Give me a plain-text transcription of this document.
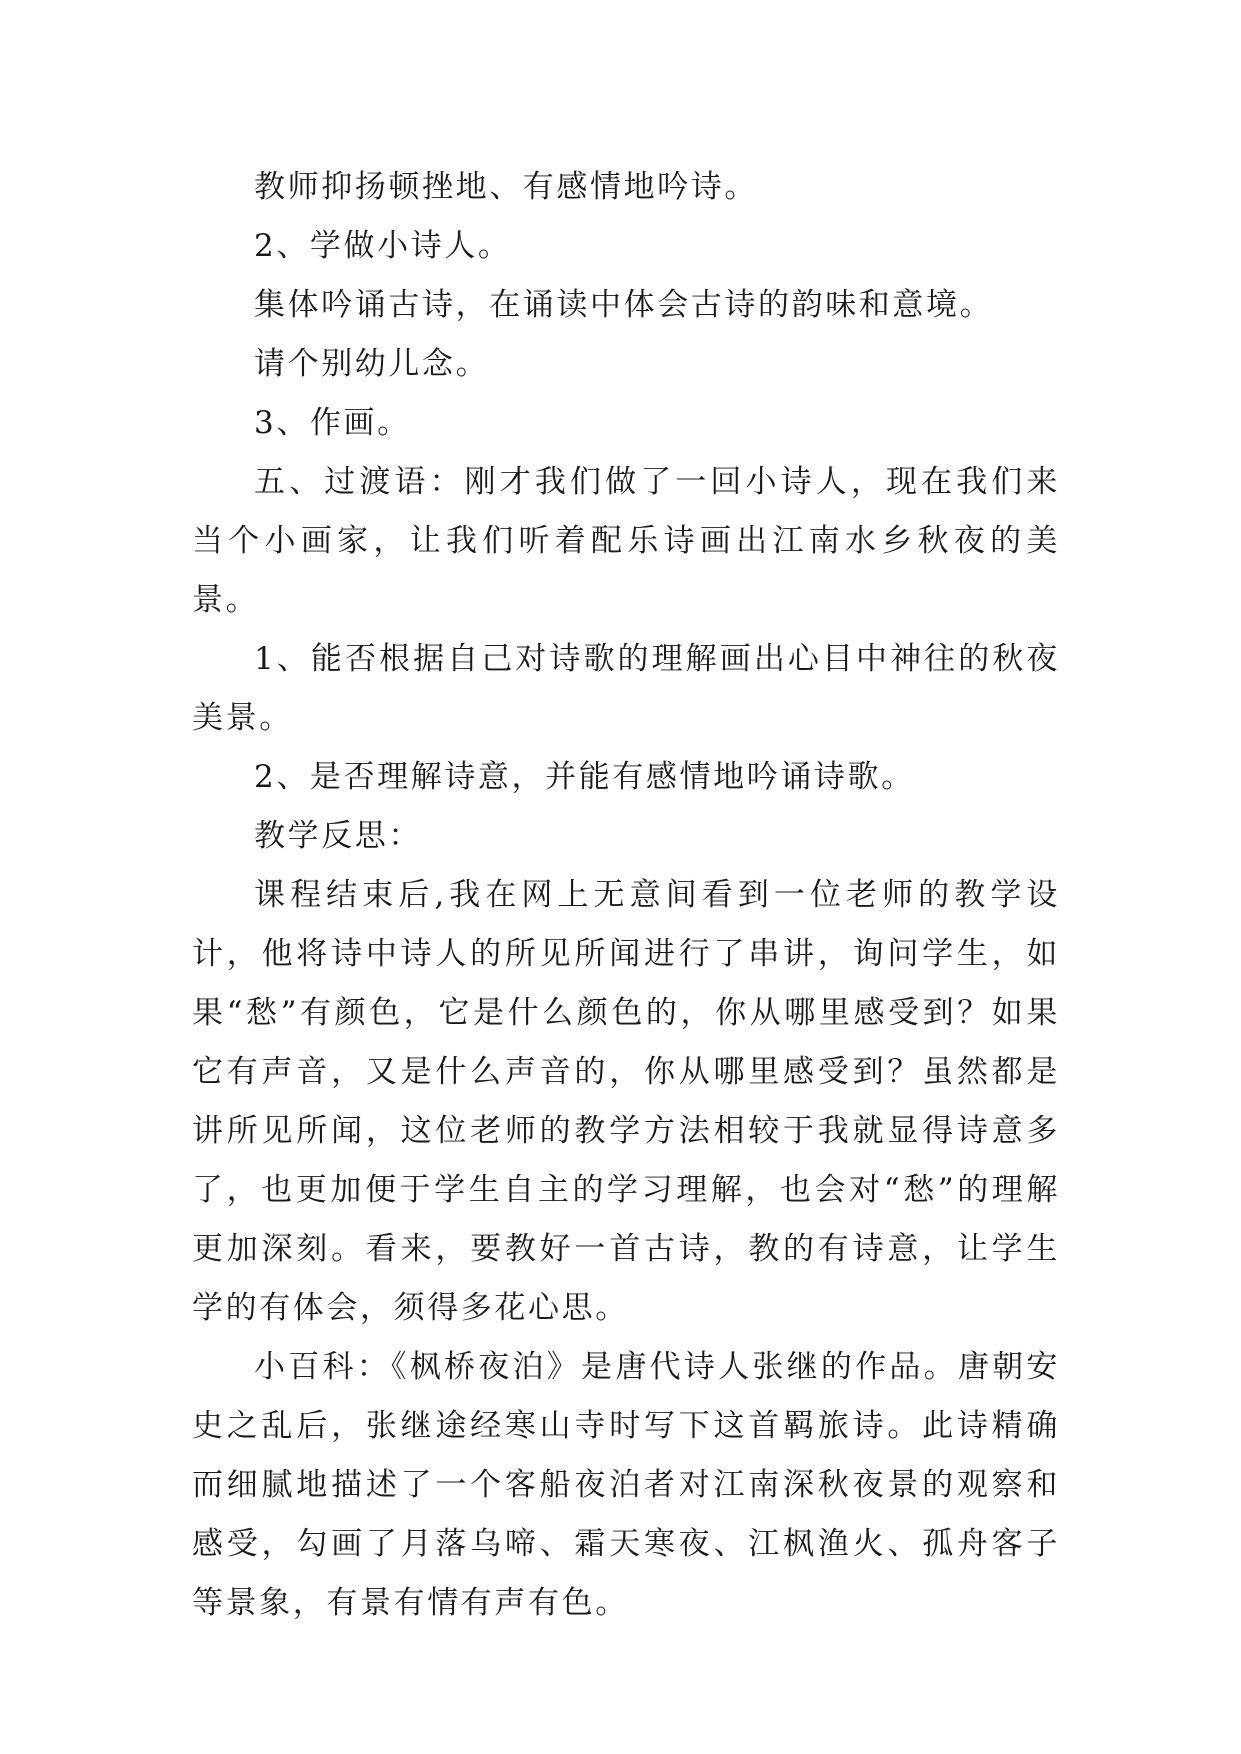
教师抑扬顿挫地、有感情地吟诗。

2、学做小诗人。

集体吟诵古诗，在诵读中体会古诗的韵味和意境。

请个别幼儿念。

3、作画。

五、过渡语：刚才我们做了一回小诗人，现在我们来当个小画家，让我们听着配乐诗画出江南水乡秋夜的美景。

1、能否根据自己对诗歌的理解画出心目中神往的秋夜美景。

2、是否理解诗意，并能有感情地吟诵诗歌。

教学反思：

课程结束后,我在网上无意间看到一位老师的教学设计，他将诗中诗人的所见所闻进行了串讲，询问学生，如果“愁”有颜色，它是什么颜色的，你从哪里感受到？如果它有声音，又是什么声音的，你从哪里感受到？虽然都是讲所见所闻，这位老师的教学方法相较于我就显得诗意多了，也更加便于学生自主的学习理解，也会对“愁”的理解更加深刻。看来，要教好一首古诗，教的有诗意，让学生学的有体会，须得多花心思。

小百科：《枫桥夜泊》是唐代诗人张继的作品。唐朝安史之乱后，张继途经寒山寺时写下这首羁旅诗。此诗精确而细腻地描述了一个客船夜泊者对江南深秋夜景的观察和感受，勾画了月落乌啼、霜天寒夜、江枫渔火、孤舟客子等景象，有景有情有声有色。
